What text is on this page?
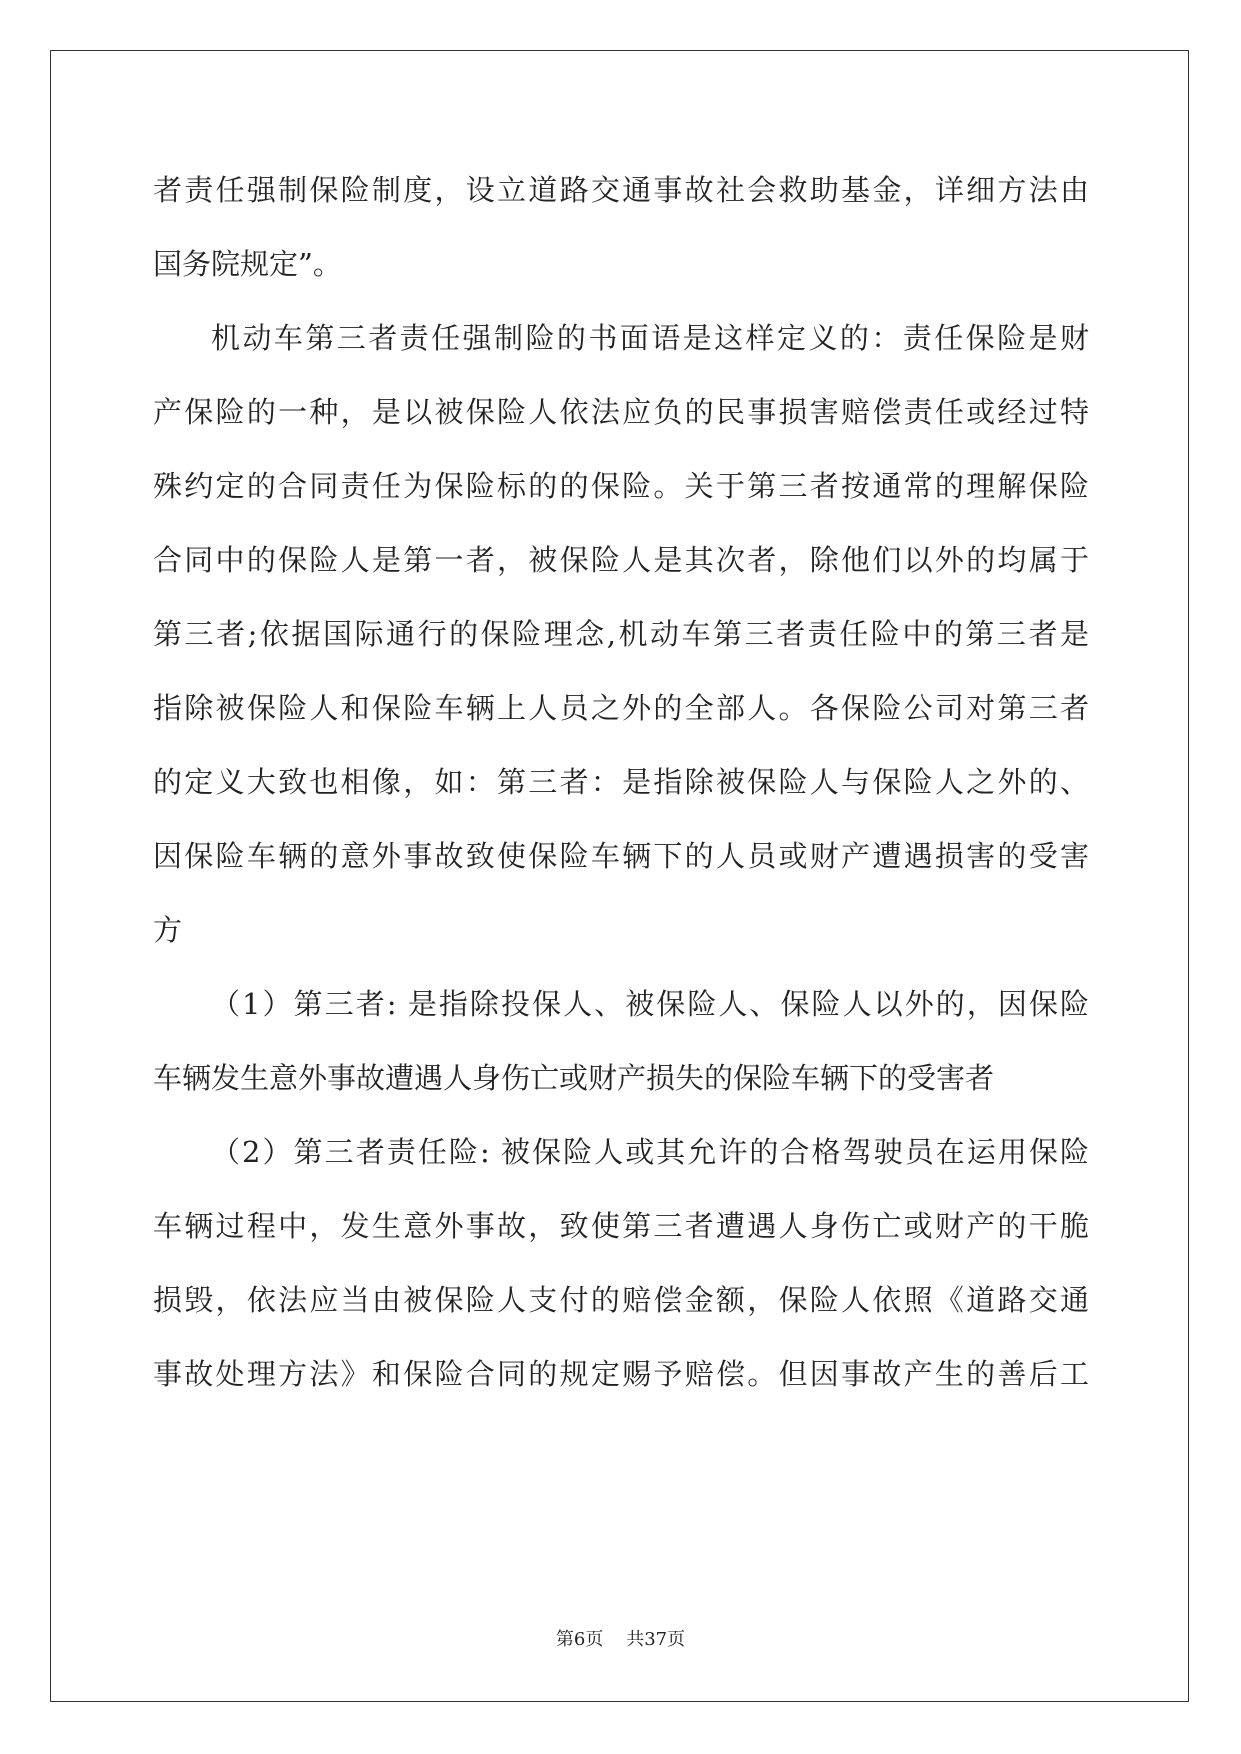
者责任强制保险制度，设立道路交通事故社会救助基金，详细方法由
国务院规定”。
机动车第三者责任强制险的书面语是这样定义的：责任保险是财
产保险的一种，是以被保险人依法应负的民事损害赔偿责任或经过特
殊约定的合同责任为保险标的的保险。关于第三者按通常的理解保险
合同中的保险人是第一者，被保险人是其次者，除他们以外的均属于
第三者;依据国际通行的保险理念,机动车第三者责任险中的第三者是
指除被保险人和保险车辆上人员之外的全部人。各保险公司对第三者
的定义大致也相像，如：第三者：是指除被保险人与保险人之外的、
因保险车辆的意外事故致使保险车辆下的人员或财产遭遇损害的受害
方
（1）第三者: 是指除投保人、被保险人、保险人以外的，因保险
车辆发生意外事故遭遇人身伤亡或财产损失的保险车辆下的受害者
（2）第三者责任险: 被保险人或其允许的合格驾驶员在运用保险
车辆过程中，发生意外事故，致使第三者遭遇人身伤亡或财产的干脆
损毁，依法应当由被保险人支付的赔偿金额，保险人依照《道路交通
事故处理方法》和保险合同的规定赐予赔偿。但因事故产生的善后工
第6页 共37页
